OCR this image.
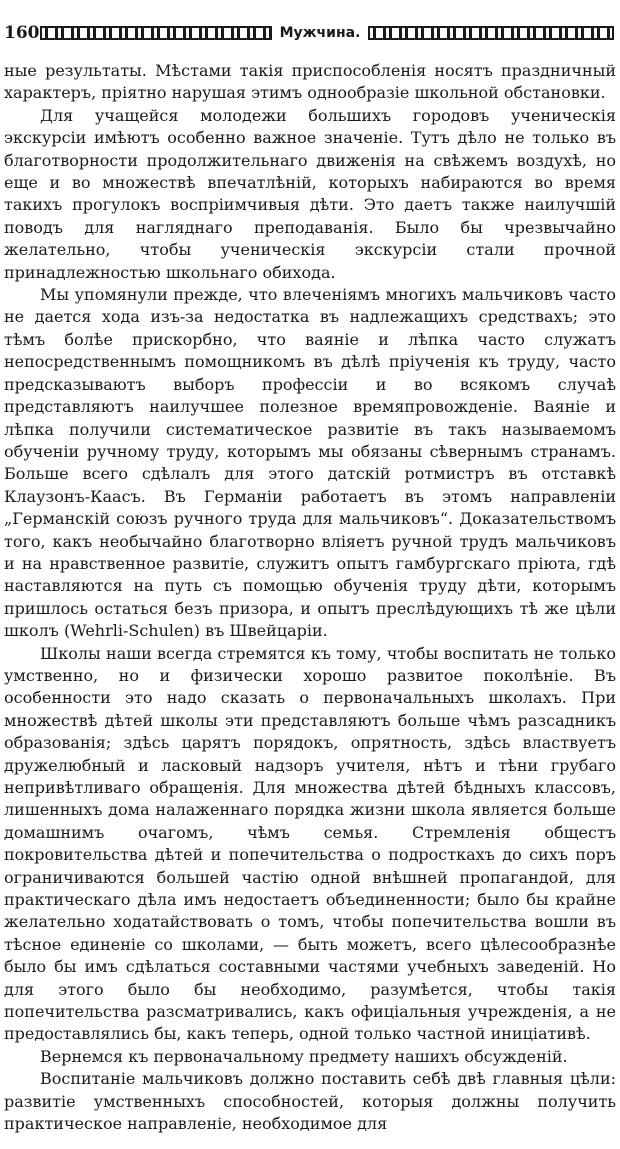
160	Мужчина.

ные результаты. Мѣстами такія приспособленія носятъ праздничный характеръ, пріятно нарушая этимъ однообразіе школьной обстановки.

Для учащейся молодежи большихъ городовъ ученическія экскурсіи имѣютъ особенно важное значеніе. Тутъ дѣло не только въ благотворности продолжительнаго движенія на свѣжемъ воздухѣ, но еще и во множествѣ впечатлѣній, которыхъ набираются во время такихъ прогулокъ воспріимчивыя дѣти. Это даетъ также наилучшій поводъ для нагляднаго преподаванія. Было бы чрезвычайно желательно, чтобы ученическія экскурсіи стали прочной принадлежностью школьнаго обихода.

Мы упомянули прежде, что влеченіямъ многихъ мальчиковъ часто не дается хода изъ-за недостатка въ надлежащихъ средствахъ; это тѣмъ болѣе прискорбно, что ваяніе и лѣпка часто служатъ непосредственнымъ помощникомъ въ дѣлѣ пріученія къ труду, часто предсказываютъ выборъ профессіи и во всякомъ случаѣ представляютъ наилучшее полезное времяпровожденіе. Ваяніе и лѣпка получили систематическое развитіе въ такъ называемомъ обученіи ручному труду, которымъ мы обязаны сѣвернымъ странамъ. Больше всего сдѣлалъ для этого датскій ротмистръ въ отставкѣ Клаузонъ-Каасъ. Въ Германіи работаетъ въ этомъ направленіи „Германскій союзъ ручного труда для мальчиковъ“. Доказательствомъ того, какъ необычайно благотворно вліяетъ ручной трудъ мальчиковъ и на нравственное развитіе, служитъ опытъ гамбургскаго пріюта, гдѣ наставляются на путь съ помощью обученія труду дѣти, которымъ пришлось остаться безъ призора, и опытъ преслѣдующихъ тѣ же цѣли школъ (Wehrli-Schulen) въ Швейцаріи.

Школы наши всегда стремятся къ тому, чтобы воспитать не только умственно, но и физически хорошо развитое поколѣніе. Въ особенности это надо сказать о первоначальныхъ школахъ. При множествѣ дѣтей школы эти представляютъ больше чѣмъ разсадникъ образованія; здѣсь царятъ порядокъ, опрятность, здѣсь властвуетъ дружелюбный и ласковый надзоръ учителя, нѣтъ и тѣни грубаго непривѣтливаго обращенія. Для множества дѣтей бѣдныхъ классовъ, лишенныхъ дома налаженнаго порядка жизни школа является больше домашнимъ очагомъ, чѣмъ семья. Стремленія общестъ покровительства дѣтей и попечительства о подросткахъ до сихъ поръ ограничиваются большей частію одной внѣшней пропагандой, для практическаго дѣла имъ недостаетъ объединенности; было бы крайне желательно ходатайствовать о томъ, чтобы попечительства вошли въ тѣсное единеніе со школами, — быть можетъ, всего цѣлесообразнѣе было бы имъ сдѣлаться составными частями учебныхъ заведеній. Но для этого было бы необходимо, разумѣется, чтобы такія попечительства разсматривались, какъ офиціальныя учрежденія, а не предоставлялись бы, какъ теперь, одной только частной иниціативѣ.

Вернемся къ первоначальному предмету нашихъ обсужденій.

Воспитаніе мальчиковъ должно поставить себѣ двѣ главныя цѣли: развитіе умственныхъ способностей, которыя должны получить практическое направленіе, необходимое для
